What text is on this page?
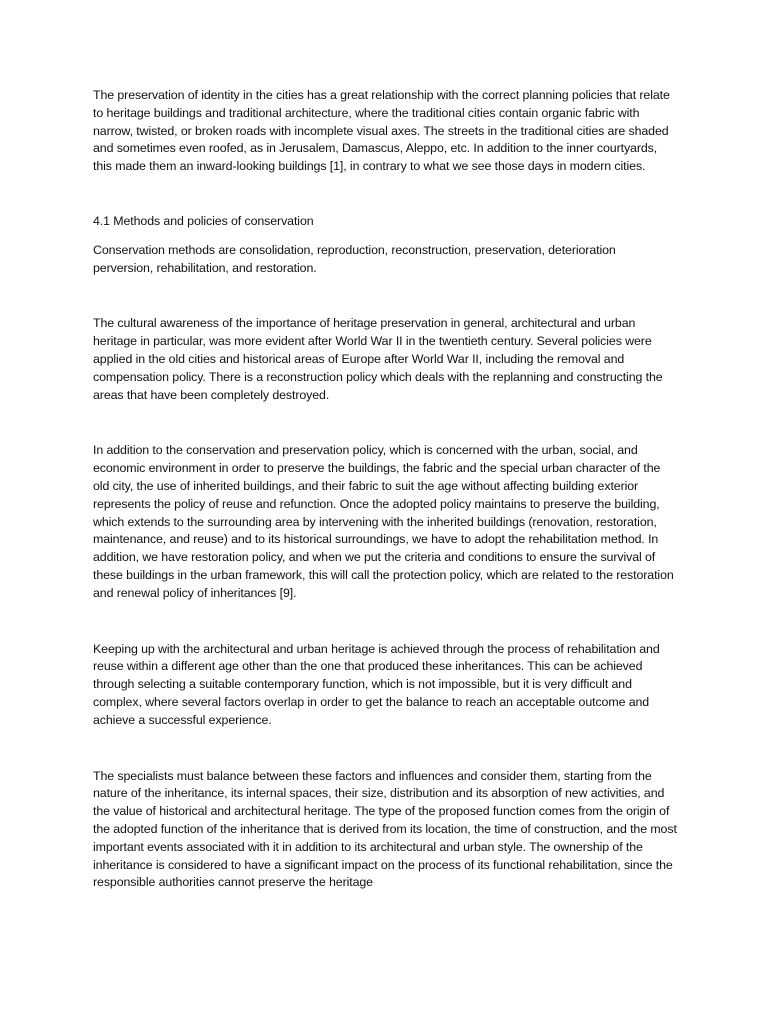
The preservation of identity in the cities has a great relationship with the correct planning policies that relate to heritage buildings and traditional architecture, where the traditional cities contain organic fabric with narrow, twisted, or broken roads with incomplete visual axes. The streets in the traditional cities are shaded and sometimes even roofed, as in Jerusalem, Damascus, Aleppo, etc. In addition to the inner courtyards, this made them an inward-looking buildings [1], in contrary to what we see those days in modern cities.

4.1 Methods and policies of conservation

Conservation methods are consolidation, reproduction, reconstruction, preservation, deterioration perversion, rehabilitation, and restoration.

The cultural awareness of the importance of heritage preservation in general, architectural and urban heritage in particular, was more evident after World War II in the twentieth century. Several policies were applied in the old cities and historical areas of Europe after World War II, including the removal and compensation policy. There is a reconstruction policy which deals with the replanning and constructing the areas that have been completely destroyed.

In addition to the conservation and preservation policy, which is concerned with the urban, social, and economic environment in order to preserve the buildings, the fabric and the special urban character of the old city, the use of inherited buildings, and their fabric to suit the age without affecting building exterior represents the policy of reuse and refunction. Once the adopted policy maintains to preserve the building, which extends to the surrounding area by intervening with the inherited buildings (renovation, restoration, maintenance, and reuse) and to its historical surroundings, we have to adopt the rehabilitation method. In addition, we have restoration policy, and when we put the criteria and conditions to ensure the survival of these buildings in the urban framework, this will call the protection policy, which are related to the restoration and renewal policy of inheritances [9].

Keeping up with the architectural and urban heritage is achieved through the process of rehabilitation and reuse within a different age other than the one that produced these inheritances. This can be achieved through selecting a suitable contemporary function, which is not impossible, but it is very difficult and complex, where several factors overlap in order to get the balance to reach an acceptable outcome and achieve a successful experience.

The specialists must balance between these factors and influences and consider them, starting from the nature of the inheritance, its internal spaces, their size, distribution and its absorption of new activities, and the value of historical and architectural heritage. The type of the proposed function comes from the origin of the adopted function of the inheritance that is derived from its location, the time of construction, and the most important events associated with it in addition to its architectural and urban style. The ownership of the inheritance is considered to have a significant impact on the process of its functional rehabilitation, since the responsible authorities cannot preserve the heritage
